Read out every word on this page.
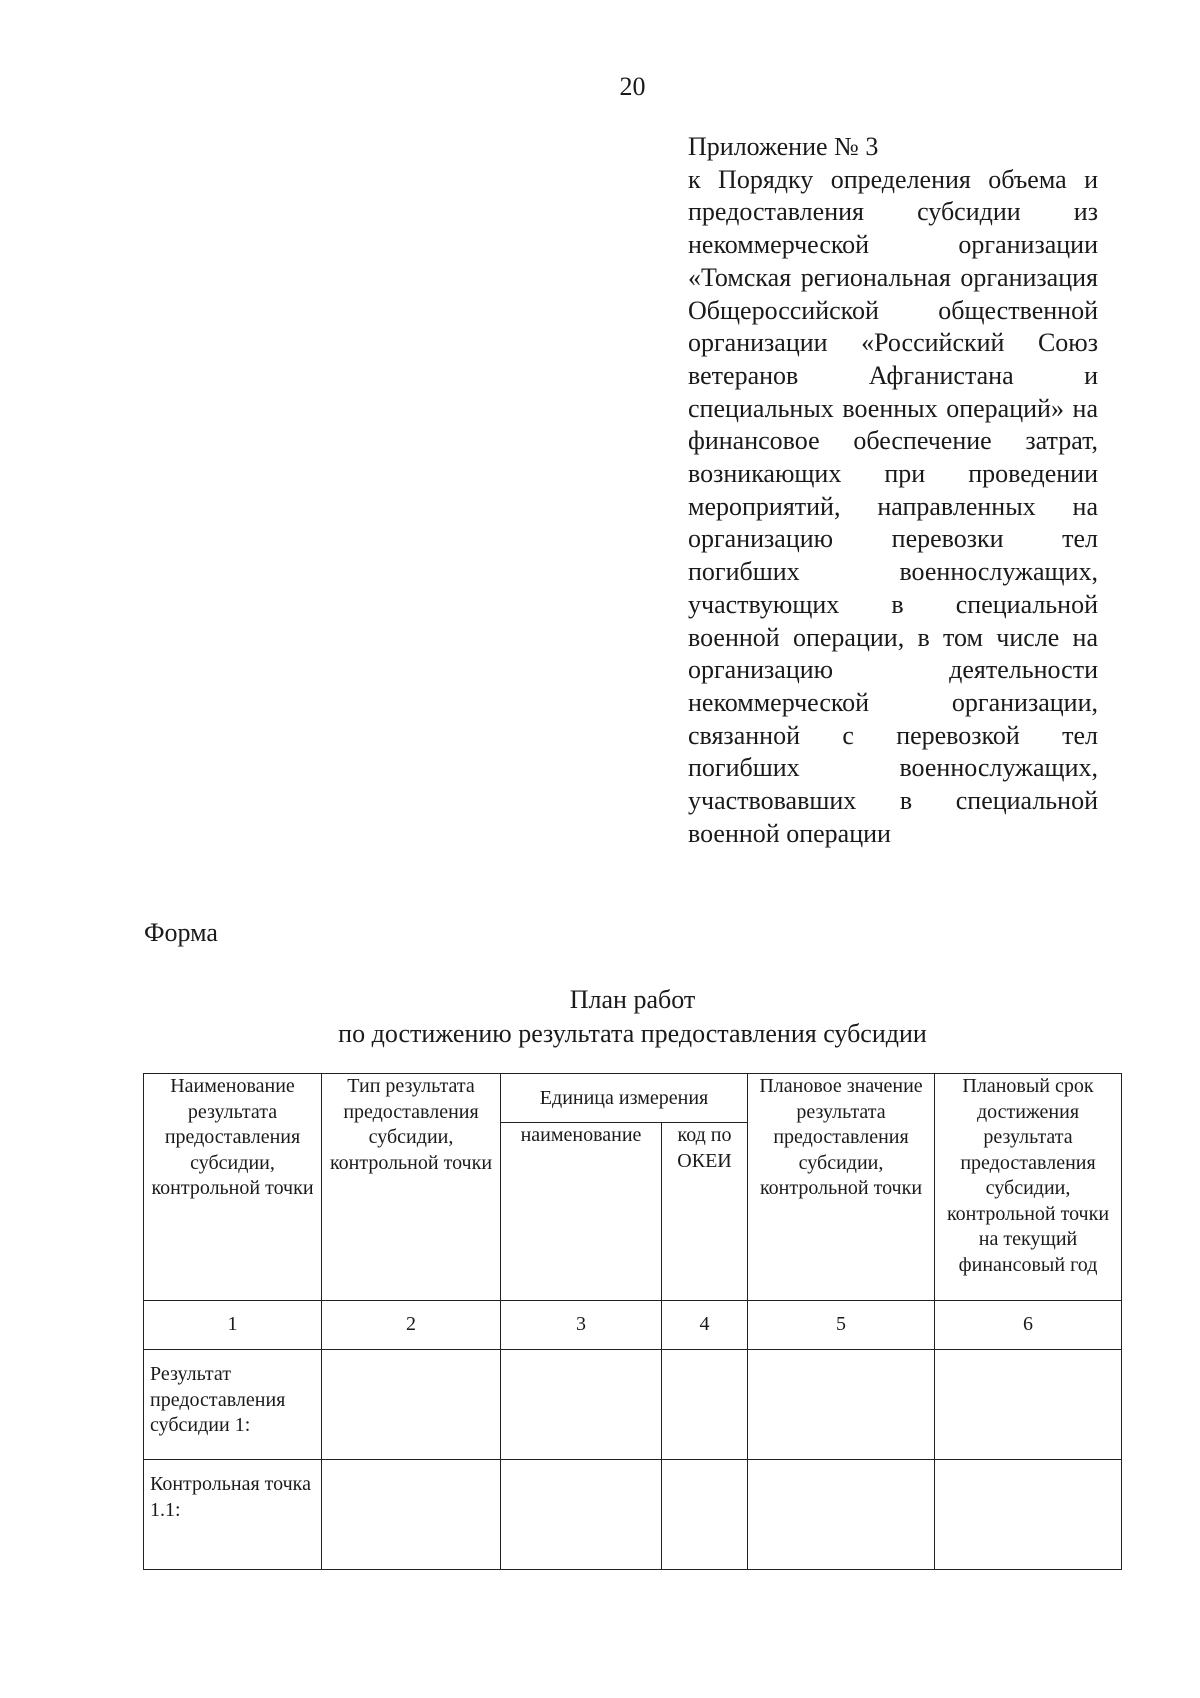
20
Приложение № 3
к Порядку определения объема и предоставления субсидии из некоммерческой организации «Томская региональная организация Общероссийской общественной организации «Российский Союз ветеранов Афганистана и специальных военных операций» на финансовое обеспечение затрат, возникающих при проведении мероприятий, направленных на организацию перевозки тел погибших военнослужащих, участвующих в специальной военной операции, в том числе на организацию деятельности некоммерческой организации, связанной с перевозкой тел погибших военнослужащих, участвовавших в специальной военной операции
Форма
План работ
по достижению результата предоставления субсидии
Наименование результата предоставления субсидии, контрольной точки	Тип результата предоставления субсидии, контрольной точки	Единица измерения		Плановое значение результата предоставления субсидии, контрольной точки	Плановый срок достижения результата предоставления субсидии, контрольной точки на текущий финансовый год
		наименование	код по ОКЕИ		
1	2	3	4	5	6
Результат предоставления субсидии 1:					
Контрольная точка 1.1:					
